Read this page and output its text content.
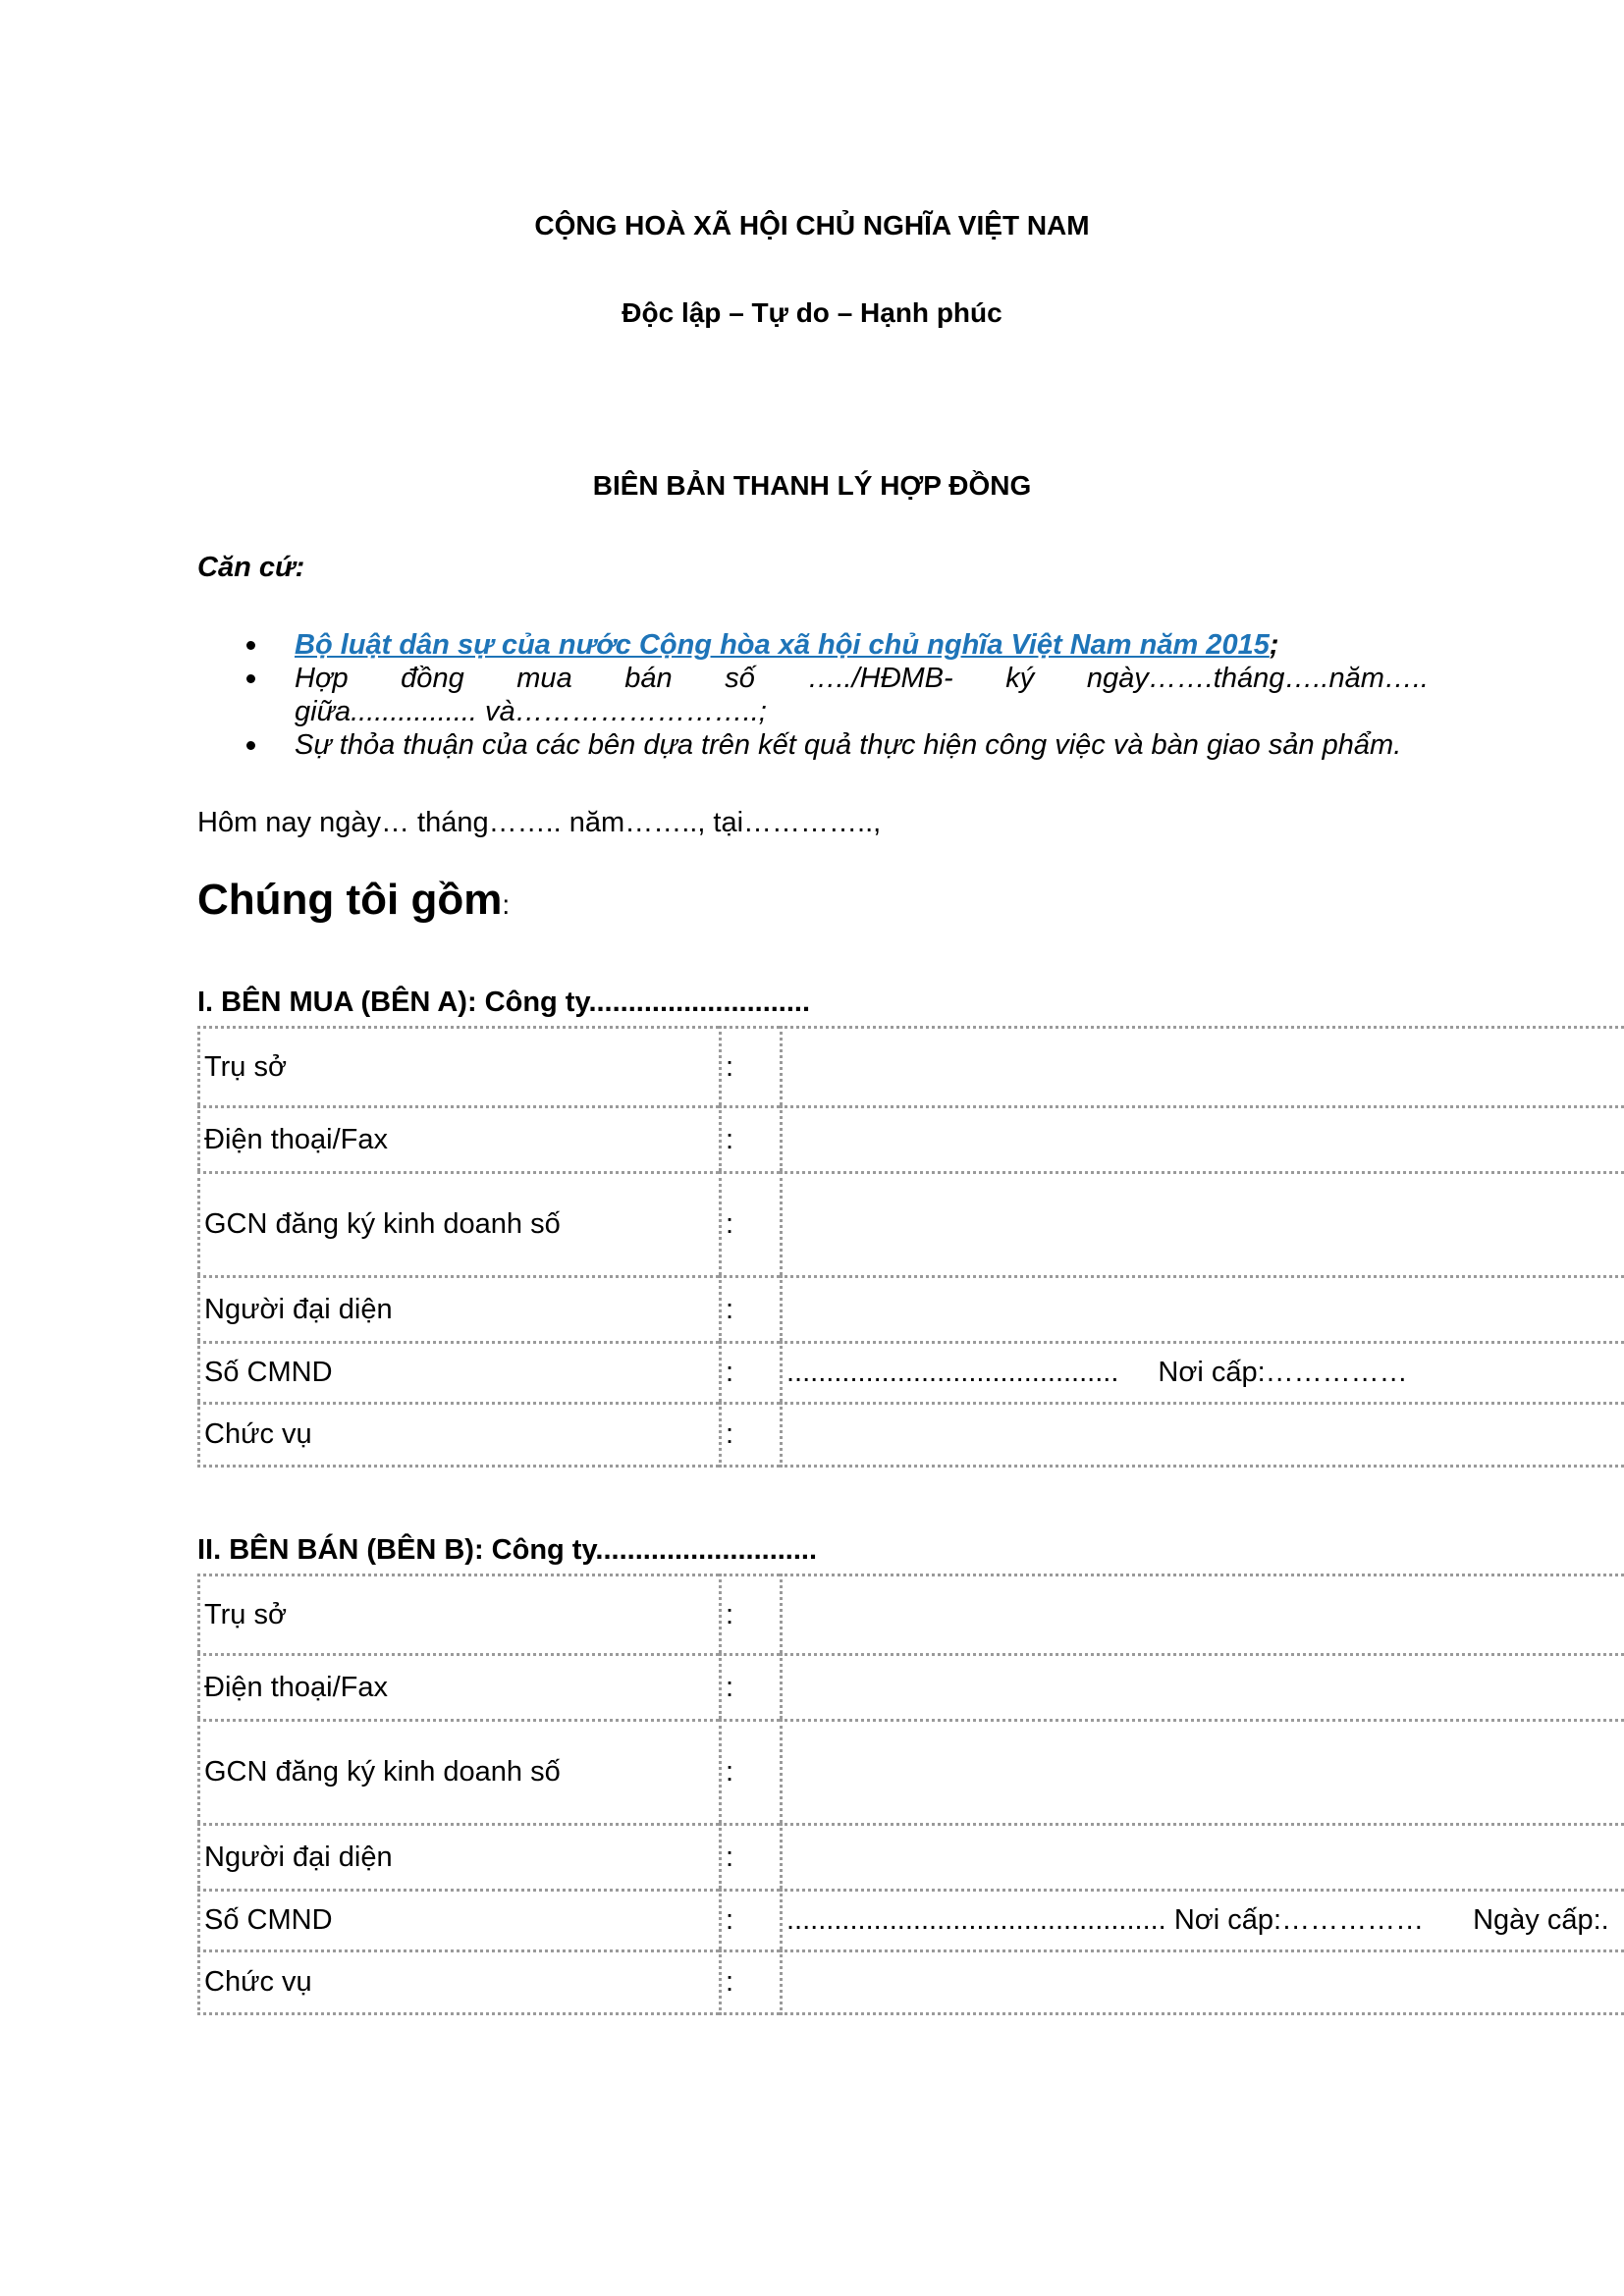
CỘNG HOÀ XÃ HỘI CHỦ NGHĨA VIỆT NAM
Độc lập – Tự do – Hạnh phúc
BIÊN BẢN THANH LÝ HỢP ĐỒNG
Căn cứ:
Bộ luật dân sự của nước Cộng hòa xã hội chủ nghĩa Việt Nam năm 2015;
Hợp đồng mua bán số …../HĐMB- ký ngày…….tháng…..năm…..
giữa................ và……………………..;
Sự thỏa thuận của các bên dựa trên kết quả thực hiện công việc và bàn giao sản phẩm.
Hôm nay ngày… tháng…….. năm…….., tại…………..,
Chúng tôi gồm:
I. BÊN MUA (BÊN A): Công ty............................
Trụ sở	:	
Điện thoại/Fax	:	
GCN đăng ký kinh doanh số	:	
Người đại diện	:	
Số CMND	:	.......................................... Nơi cấp:……………
Chức vụ	:	
II. BÊN BÁN (BÊN B): Công ty............................
Trụ sở	:	
Điện thoại/Fax	:	
GCN đăng ký kinh doanh số	:	
Người đại diện	:	
Số CMND	:	................................................ Nơi cấp:…………… Ngày cấp:.
Chức vụ	:	
